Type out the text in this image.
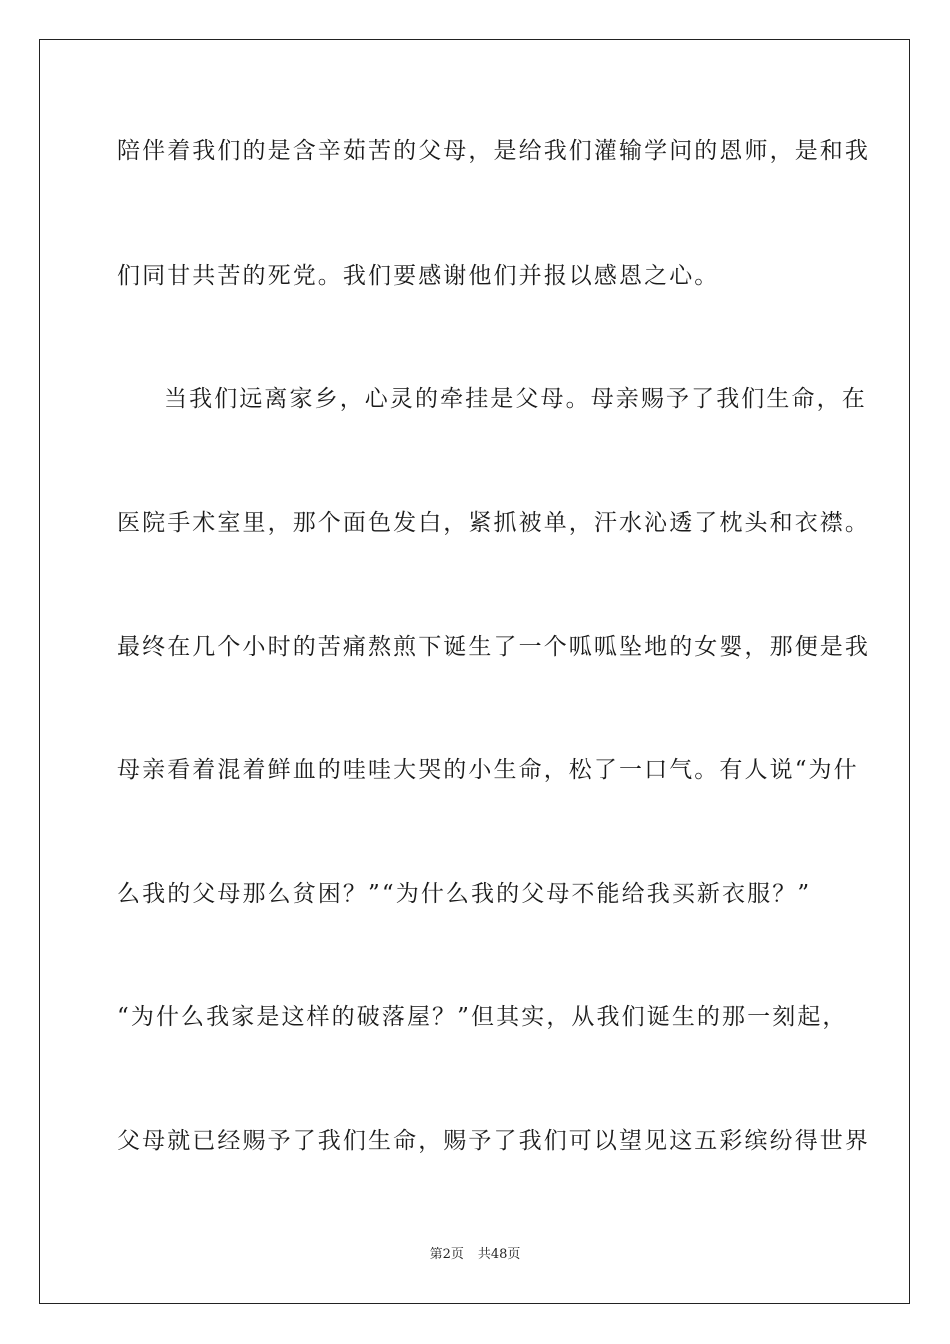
陪伴着我们的是含辛茹苦的父母，是给我们灌输学问的恩师，是和我
们同甘共苦的死党。我们要感谢他们并报以感恩之心。
当我们远离家乡，心灵的牵挂是父母。母亲赐予了我们生命，在
医院手术室里，那个面色发白，紧抓被单，汗水沁透了枕头和衣襟。
最终在几个小时的苦痛熬煎下诞生了一个呱呱坠地的女婴，那便是我
母亲看着混着鲜血的哇哇大哭的小生命，松了一口气。有人说“为什
么我的父母那么贫困？”“为什么我的父母不能给我买新衣服？”
“为什么我家是这样的破落屋？”但其实，从我们诞生的那一刻起，
父母就已经赐予了我们生命，赐予了我们可以望见这五彩缤纷得世界
第2页 共48页
